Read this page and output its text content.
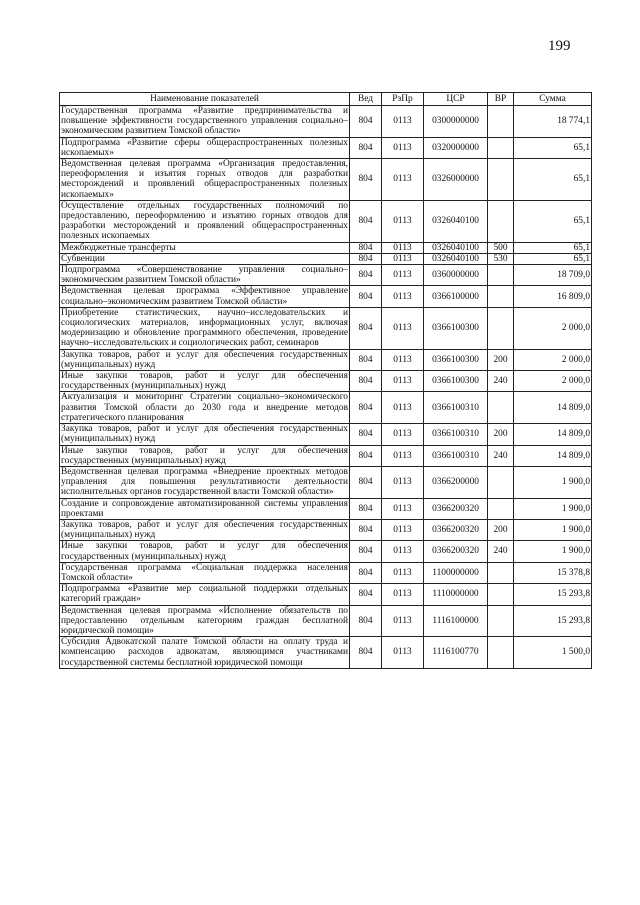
199
Наименование показателей	Вед	РзПр	ЦСР	ВР	Сумма
Государственная программа «Развитие предпринимательства и повышение эффективности государственного управления социально–экономическим развитием Томской области»	804	0113	0300000000		18 774,1
Подпрограмма «Развитие сферы общераспространенных полезных ископаемых»	804	0113	0320000000		65,1
Ведомственная целевая программа «Организация предоставления, переоформления и изъятия горных отводов для разработки месторождений и проявлений общераспространенных полезных ископаемых»	804	0113	0326000000		65,1
Осуществление отдельных государственных полномочий по предоставлению, переоформлению и изъятию горных отводов для разработки месторождений и проявлений общераспространенных полезных ископаемых	804	0113	0326040100		65,1
Межбюджетные трансферты	804	0113	0326040100	500	65,1
Субвенции	804	0113	0326040100	530	65,1
Подпрограмма «Совершенствование управления социально–экономическим развитием Томской области»	804	0113	0360000000		18 709,0
Ведомственная целевая программа «Эффективное управление социально–экономическим развитием Томской области»	804	0113	0366100000		16 809,0
Приобретение статистических, научно–исследовательских и социологических материалов, информационных услуг, включая модернизацию и обновление программного обеспечения, проведение научно–исследовательских и социологических работ, семинаров	804	0113	0366100300		2 000,0
Закупка товаров, работ и услуг для обеспечения государственных (муниципальных) нужд	804	0113	0366100300	200	2 000,0
Иные закупки товаров, работ и услуг для обеспечения государственных (муниципальных) нужд	804	0113	0366100300	240	2 000,0
Актуализация и мониторинг Стратегии социально–экономического развития Томской области до 2030 года и внедрение методов стратегического планирования	804	0113	0366100310		14 809,0
Закупка товаров, работ и услуг для обеспечения государственных (муниципальных) нужд	804	0113	0366100310	200	14 809,0
Иные закупки товаров, работ и услуг для обеспечения государственных (муниципальных) нужд	804	0113	0366100310	240	14 809,0
Ведомственная целевая программа «Внедрение проектных методов управления для повышения результативности деятельности исполнительных органов государственной власти Томской области»	804	0113	0366200000		1 900,0
Создание и сопровождение автоматизированной системы управления проектами	804	0113	0366200320		1 900,0
Закупка товаров, работ и услуг для обеспечения государственных (муниципальных) нужд	804	0113	0366200320	200	1 900,0
Иные закупки товаров, работ и услуг для обеспечения государственных (муниципальных) нужд	804	0113	0366200320	240	1 900,0
Государственная программа «Социальная поддержка населения Томской области»	804	0113	1100000000		15 378,8
Подпрограмма «Развитие мер социальной поддержки отдельных категорий граждан»	804	0113	1110000000		15 293,8
Ведомственная целевая программа «Исполнение обязательств по предоставлению отдельным категориям граждан бесплатной юридической помощи»	804	0113	1116100000		15 293,8
Субсидия Адвокатской палате Томской области на оплату труда и компенсацию расходов адвокатам, являющимся участниками государственной системы бесплатной юридической помощи	804	0113	1116100770		1 500,0
